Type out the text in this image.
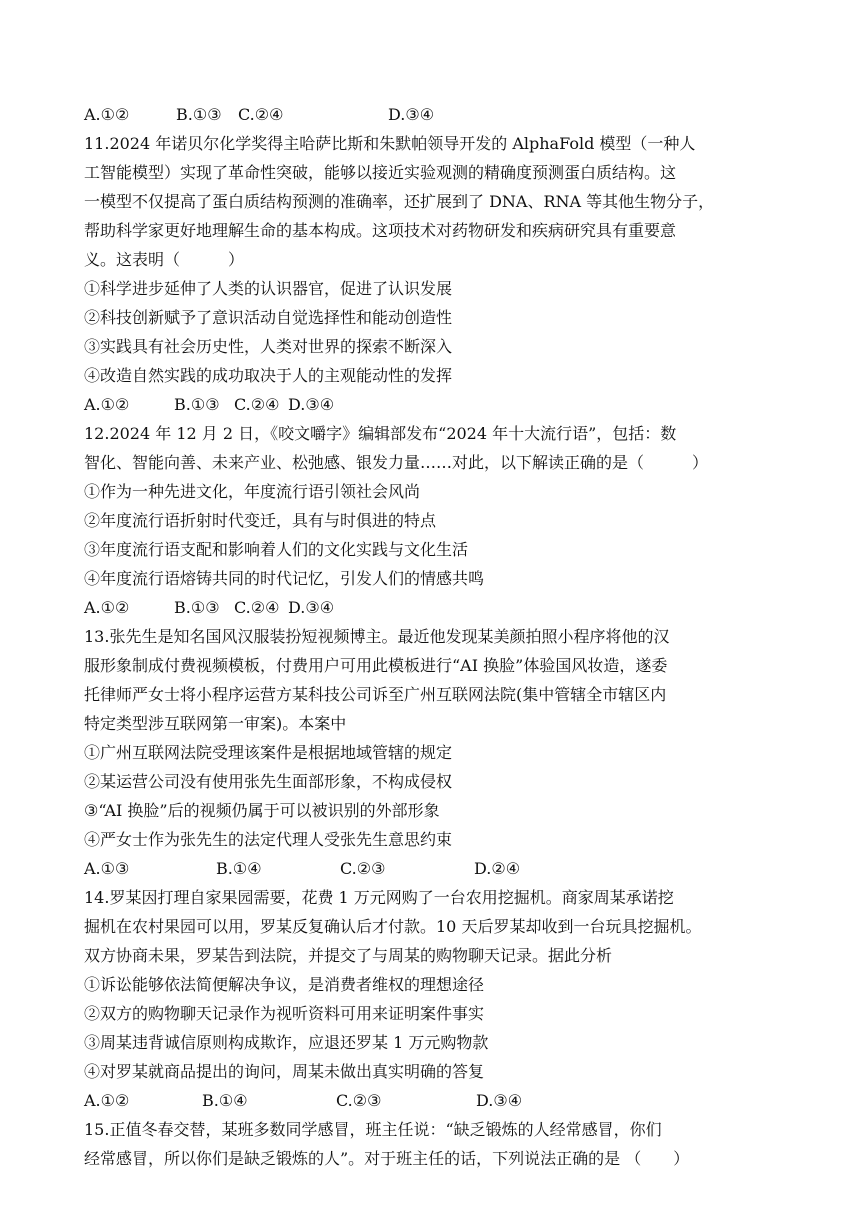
A.①②	B.①③	C.②④	D.③④
11.2024 年诺贝尔化学奖得主哈萨比斯和朱默帕领导开发的 AlphaFold 模型（一种人
工智能模型）实现了革命性突破，能够以接近实验观测的精确度预测蛋白质结构。这
一模型不仅提高了蛋白质结构预测的准确率，还扩展到了 DNA、RNA 等其他生物分子，
帮助科学家更好地理解生命的基本构成。这项技术对药物研发和疾病研究具有重要意
义。这表明（　　　）
①科学进步延伸了人类的认识器官，促进了认识发展
②科技创新赋予了意识活动自觉选择性和能动创造性
③实践具有社会历史性，人类对世界的探索不断深入
④改造自然实践的成功取决于人的主观能动性的发挥
A.①②	B.①③ C.②④ D.③④
12.2024 年 12 月 2 日，《咬文嚼字》编辑部发布“2024 年十大流行语”，包括：数
智化、智能向善、未来产业、松弛感、银发力量……对此，以下解读正确的是（　　　）
①作为一种先进文化，年度流行语引领社会风尚
②年度流行语折射时代变迁，具有与时俱进的特点
③年度流行语支配和影响着人们的文化实践与文化生活
④年度流行语熔铸共同的时代记忆，引发人们的情感共鸣
A.①②	B.①③ C.②④ D.③④
13.张先生是知名国风汉服装扮短视频博主。最近他发现某美颜拍照小程序将他的汉
服形象制成付费视频模板，付费用户可用此模板进行“AI 换脸”体验国风妆造，遂委
托律师严女士将小程序运营方某科技公司诉至广州互联网法院(集中管辖全市辖区内
特定类型涉互联网第一审案)。本案中
①广州互联网法院受理该案件是根据地域管辖的规定
②某运营公司没有使用张先生面部形象，不构成侵权
③“AI 换脸”后的视频仍属于可以被识别的外部形象
④严女士作为张先生的法定代理人受张先生意思约束
A.①③	B.①④	C.②③	D.②④
14.罗某因打理自家果园需要，花费 1 万元网购了一台农用挖掘机。商家周某承诺挖
掘机在农村果园可以用，罗某反复确认后才付款。10 天后罗某却收到一台玩具挖掘机。
双方协商未果，罗某告到法院，并提交了与周某的购物聊天记录。据此分析
①诉讼能够依法简便解决争议，是消费者维权的理想途径
②双方的购物聊天记录作为视听资料可用来证明案件事实
③周某违背诚信原则构成欺诈，应退还罗某 1 万元购物款
④对罗某就商品提出的询问，周某未做出真实明确的答复
A.①②	B.①④	C.②③	D.③④
15.正值冬春交替，某班多数同学感冒，班主任说：“缺乏锻炼的人经常感冒，你们
经常感冒，所以你们是缺乏锻炼的人”。对于班主任的话，下列说法正确的是 （　　）
